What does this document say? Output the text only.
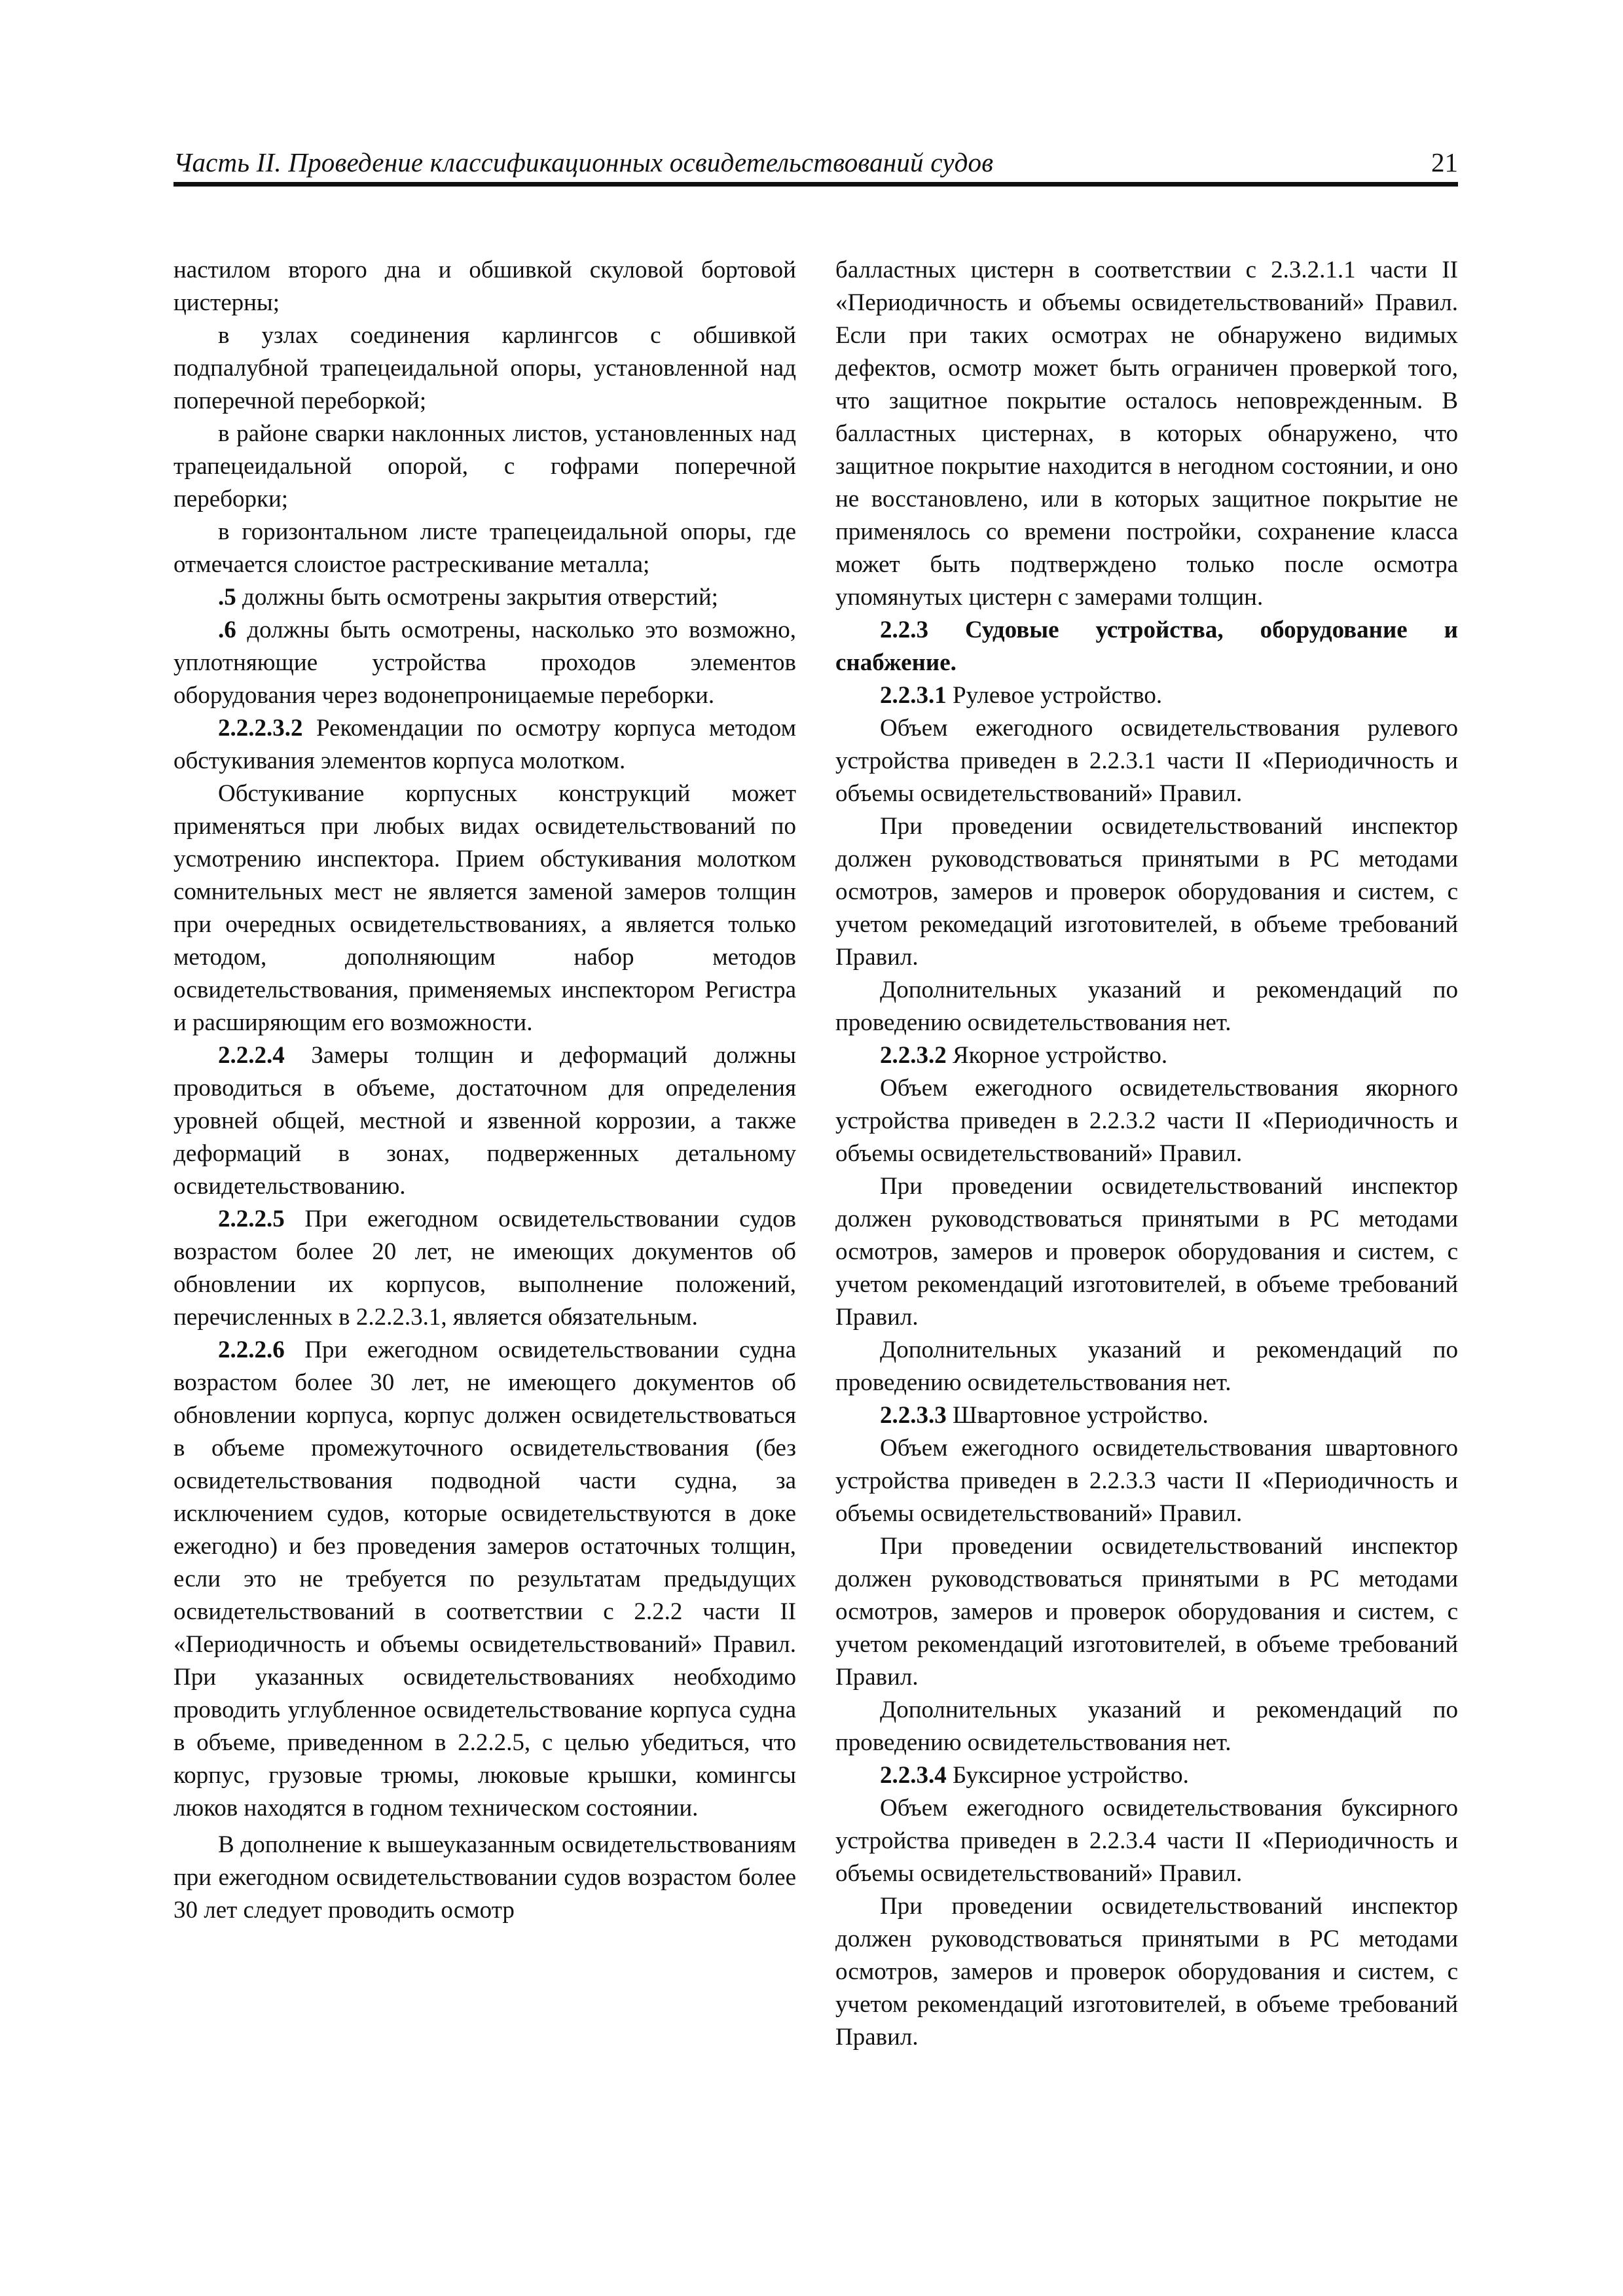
Часть II. Проведение классификационных освидетельствований судов	21

настилом второго дна и обшивкой скуловой бортовой цистерны;

в узлах соединения карлингсов с обшивкой подпалубной трапецеидальной опоры, установленной над поперечной переборкой;

в районе сварки наклонных листов, установленных над трапецеидальной опорой, с гофрами поперечной переборки;

в горизонтальном листе трапецеидальной опоры, где отмечается слоистое растрескивание металла;

.5 должны быть осмотрены закрытия отверстий;

.6 должны быть осмотрены, насколько это возможно, уплотняющие устройства проходов элементов оборудования через водонепроницаемые переборки.

2.2.2.3.2 Рекомендации по осмотру корпуса методом обстукивания элементов корпуса молотком.

Обстукивание корпусных конструкций может применяться при любых видах освидетельствований по усмотрению инспектора. Прием обстукивания молотком сомнительных мест не является заменой замеров толщин при очередных освидетельствованиях, а является только методом, дополняющим набор методов освидетельствования, применяемых инспектором Регистра и расширяющим его возможности.

2.2.2.4 Замеры толщин и деформаций должны проводиться в объеме, достаточном для определения уровней общей, местной и язвенной коррозии, а также деформаций в зонах, подверженных детальному освидетельствованию.

2.2.2.5 При ежегодном освидетельствовании судов возрастом более 20 лет, не имеющих документов об обновлении их корпусов, выполнение положений, перечисленных в 2.2.2.3.1, является обязательным.

2.2.2.6 При ежегодном освидетельствовании судна возрастом более 30 лет, не имеющего документов об обновлении корпуса, корпус должен освидетельствоваться в объеме промежуточного освидетельствования (без освидетельствования подводной части судна, за исключением судов, которые освидетельствуются в доке ежегодно) и без проведения замеров остаточных толщин, если это не требуется по результатам предыдущих освидетельствований в соответствии с 2.2.2 части II «Периодичность и объемы освидетельствований» Правил. При указанных освидетельствованиях необходимо проводить углубленное освидетельствование корпуса судна в объеме, приведенном в 2.2.2.5, с целью убедиться, что корпус, грузовые трюмы, люковые крышки, комингсы люков находятся в годном техническом состоянии.

В дополнение к вышеуказанным освидетельствованиям при ежегодном освидетельствовании судов возрастом более 30 лет следует проводить осмотр

балластных цистерн в соответствии с 2.3.2.1.1 части II «Периодичность и объемы освидетельствований» Правил. Если при таких осмотрах не обнаружено видимых дефектов, осмотр может быть ограничен проверкой того, что защитное покрытие осталось неповрежденным. В балластных цистернах, в которых обнаружено, что защитное покрытие находится в негодном состоянии, и оно не восстановлено, или в которых защитное покрытие не применялось со времени постройки, сохранение класса может быть подтверждено только после осмотра упомянутых цистерн с замерами толщин.

2.2.3 Судовые устройства, оборудование и снабжение.

2.2.3.1 Рулевое устройство.

Объем ежегодного освидетельствования рулевого устройства приведен в 2.2.3.1 части II «Периодичность и объемы освидетельствований» Правил.

При проведении освидетельствований инспектор должен руководствоваться принятыми в РС методами осмотров, замеров и проверок оборудования и систем, с учетом рекомедаций изготовителей, в объеме требований Правил.

Дополнительных указаний и рекомендаций по проведению освидетельствования нет.

2.2.3.2 Якорное устройство.

Объем ежегодного освидетельствования якорного устройства приведен в 2.2.3.2 части II «Периодичность и объемы освидетельствований» Правил.

При проведении освидетельствований инспектор должен руководствоваться принятыми в РС методами осмотров, замеров и проверок оборудования и систем, с учетом рекомендаций изготовителей, в объеме требований Правил.

Дополнительных указаний и рекомендаций по проведению освидетельствования нет.

2.2.3.3 Швартовное устройство.

Объем ежегодного освидетельствования швартовного устройства приведен в 2.2.3.3 части II «Периодичность и объемы освидетельствований» Правил.

При проведении освидетельствований инспектор должен руководствоваться принятыми в РС методами осмотров, замеров и проверок оборудования и систем, с учетом рекомендаций изготовителей, в объеме требований Правил.

Дополнительных указаний и рекомендаций по проведению освидетельствования нет.

2.2.3.4 Буксирное устройство.

Объем ежегодного освидетельствования буксирного устройства приведен в 2.2.3.4 части II «Периодичность и объемы освидетельствований» Правил.

При проведении освидетельствований инспектор должен руководствоваться принятыми в РС методами осмотров, замеров и проверок оборудования и систем, с учетом рекомендаций изготовителей, в объеме требований Правил.
